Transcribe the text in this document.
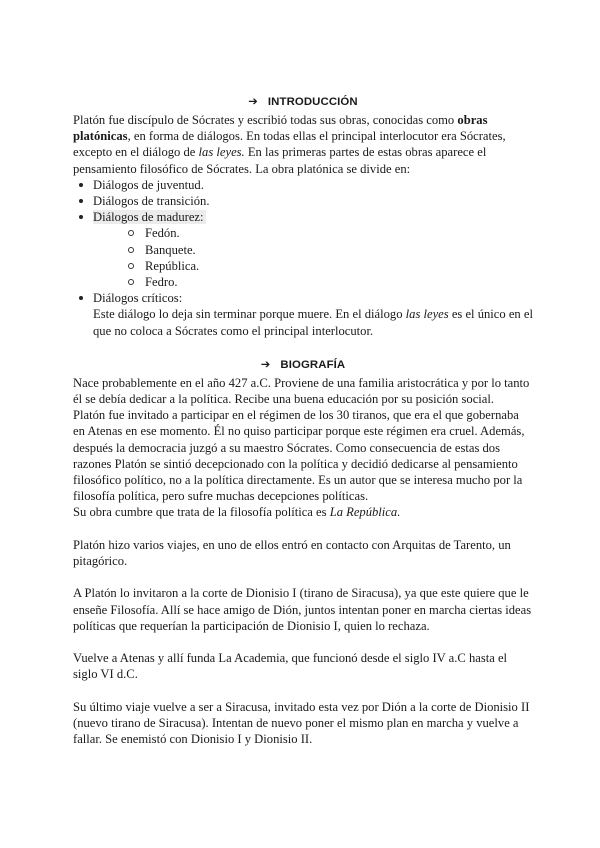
➔ INTRODUCCIÓN

Platón fue discípulo de Sócrates y escribió todas sus obras, conocidas como obras platónicas, en forma de diálogos. En todas ellas el principal interlocutor era Sócrates, excepto en el diálogo de las leyes. En las primeras partes de estas obras aparece el pensamiento filosófico de Sócrates. La obra platónica se divide en:

Diálogos de juventud.
Diálogos de transición.
Diálogos de madurez:
Fedón.
Banquete.
República.
Fedro.
Diálogos críticos:

Este diálogo lo deja sin terminar porque muere. En el diálogo las leyes es el único en el que no coloca a Sócrates como el principal interlocutor.

➔ BIOGRAFÍA

Nace probablemente en el año 427 a.C. Proviene de una familia aristocrática y por lo tanto él se debía dedicar a la política. Recibe una buena educación por su posición social.

Platón fue invitado a participar en el régimen de los 30 tiranos, que era el que gobernaba en Atenas en ese momento. Él no quiso participar porque este régimen era cruel. Además, después la democracia juzgó a su maestro Sócrates. Como consecuencia de estas dos razones Platón se sintió decepcionado con la política y decidió dedicarse al pensamiento filosófico político, no a la política directamente. Es un autor que se interesa mucho por la filosofía política, pero sufre muchas decepciones políticas.

Su obra cumbre que trata de la filosofía política es La República.

Platón hizo varios viajes, en uno de ellos entró en contacto con Arquitas de Tarento, un pitagórico.

A Platón lo invitaron a la corte de Dionisio I (tirano de Siracusa), ya que este quiere que le enseñe Filosofía. Allí se hace amigo de Dión, juntos intentan poner en marcha ciertas ideas políticas que requerían la participación de Dionisio I, quien lo rechaza.

Vuelve a Atenas y allí funda La Academia, que funcionó desde el siglo IV a.C hasta el siglo VI d.C.

Su último viaje vuelve a ser a Siracusa, invitado esta vez por Dión a la corte de Dionisio II (nuevo tirano de Siracusa). Intentan de nuevo poner el mismo plan en marcha y vuelve a fallar. Se enemistó con Dionisio I y Dionisio II.
